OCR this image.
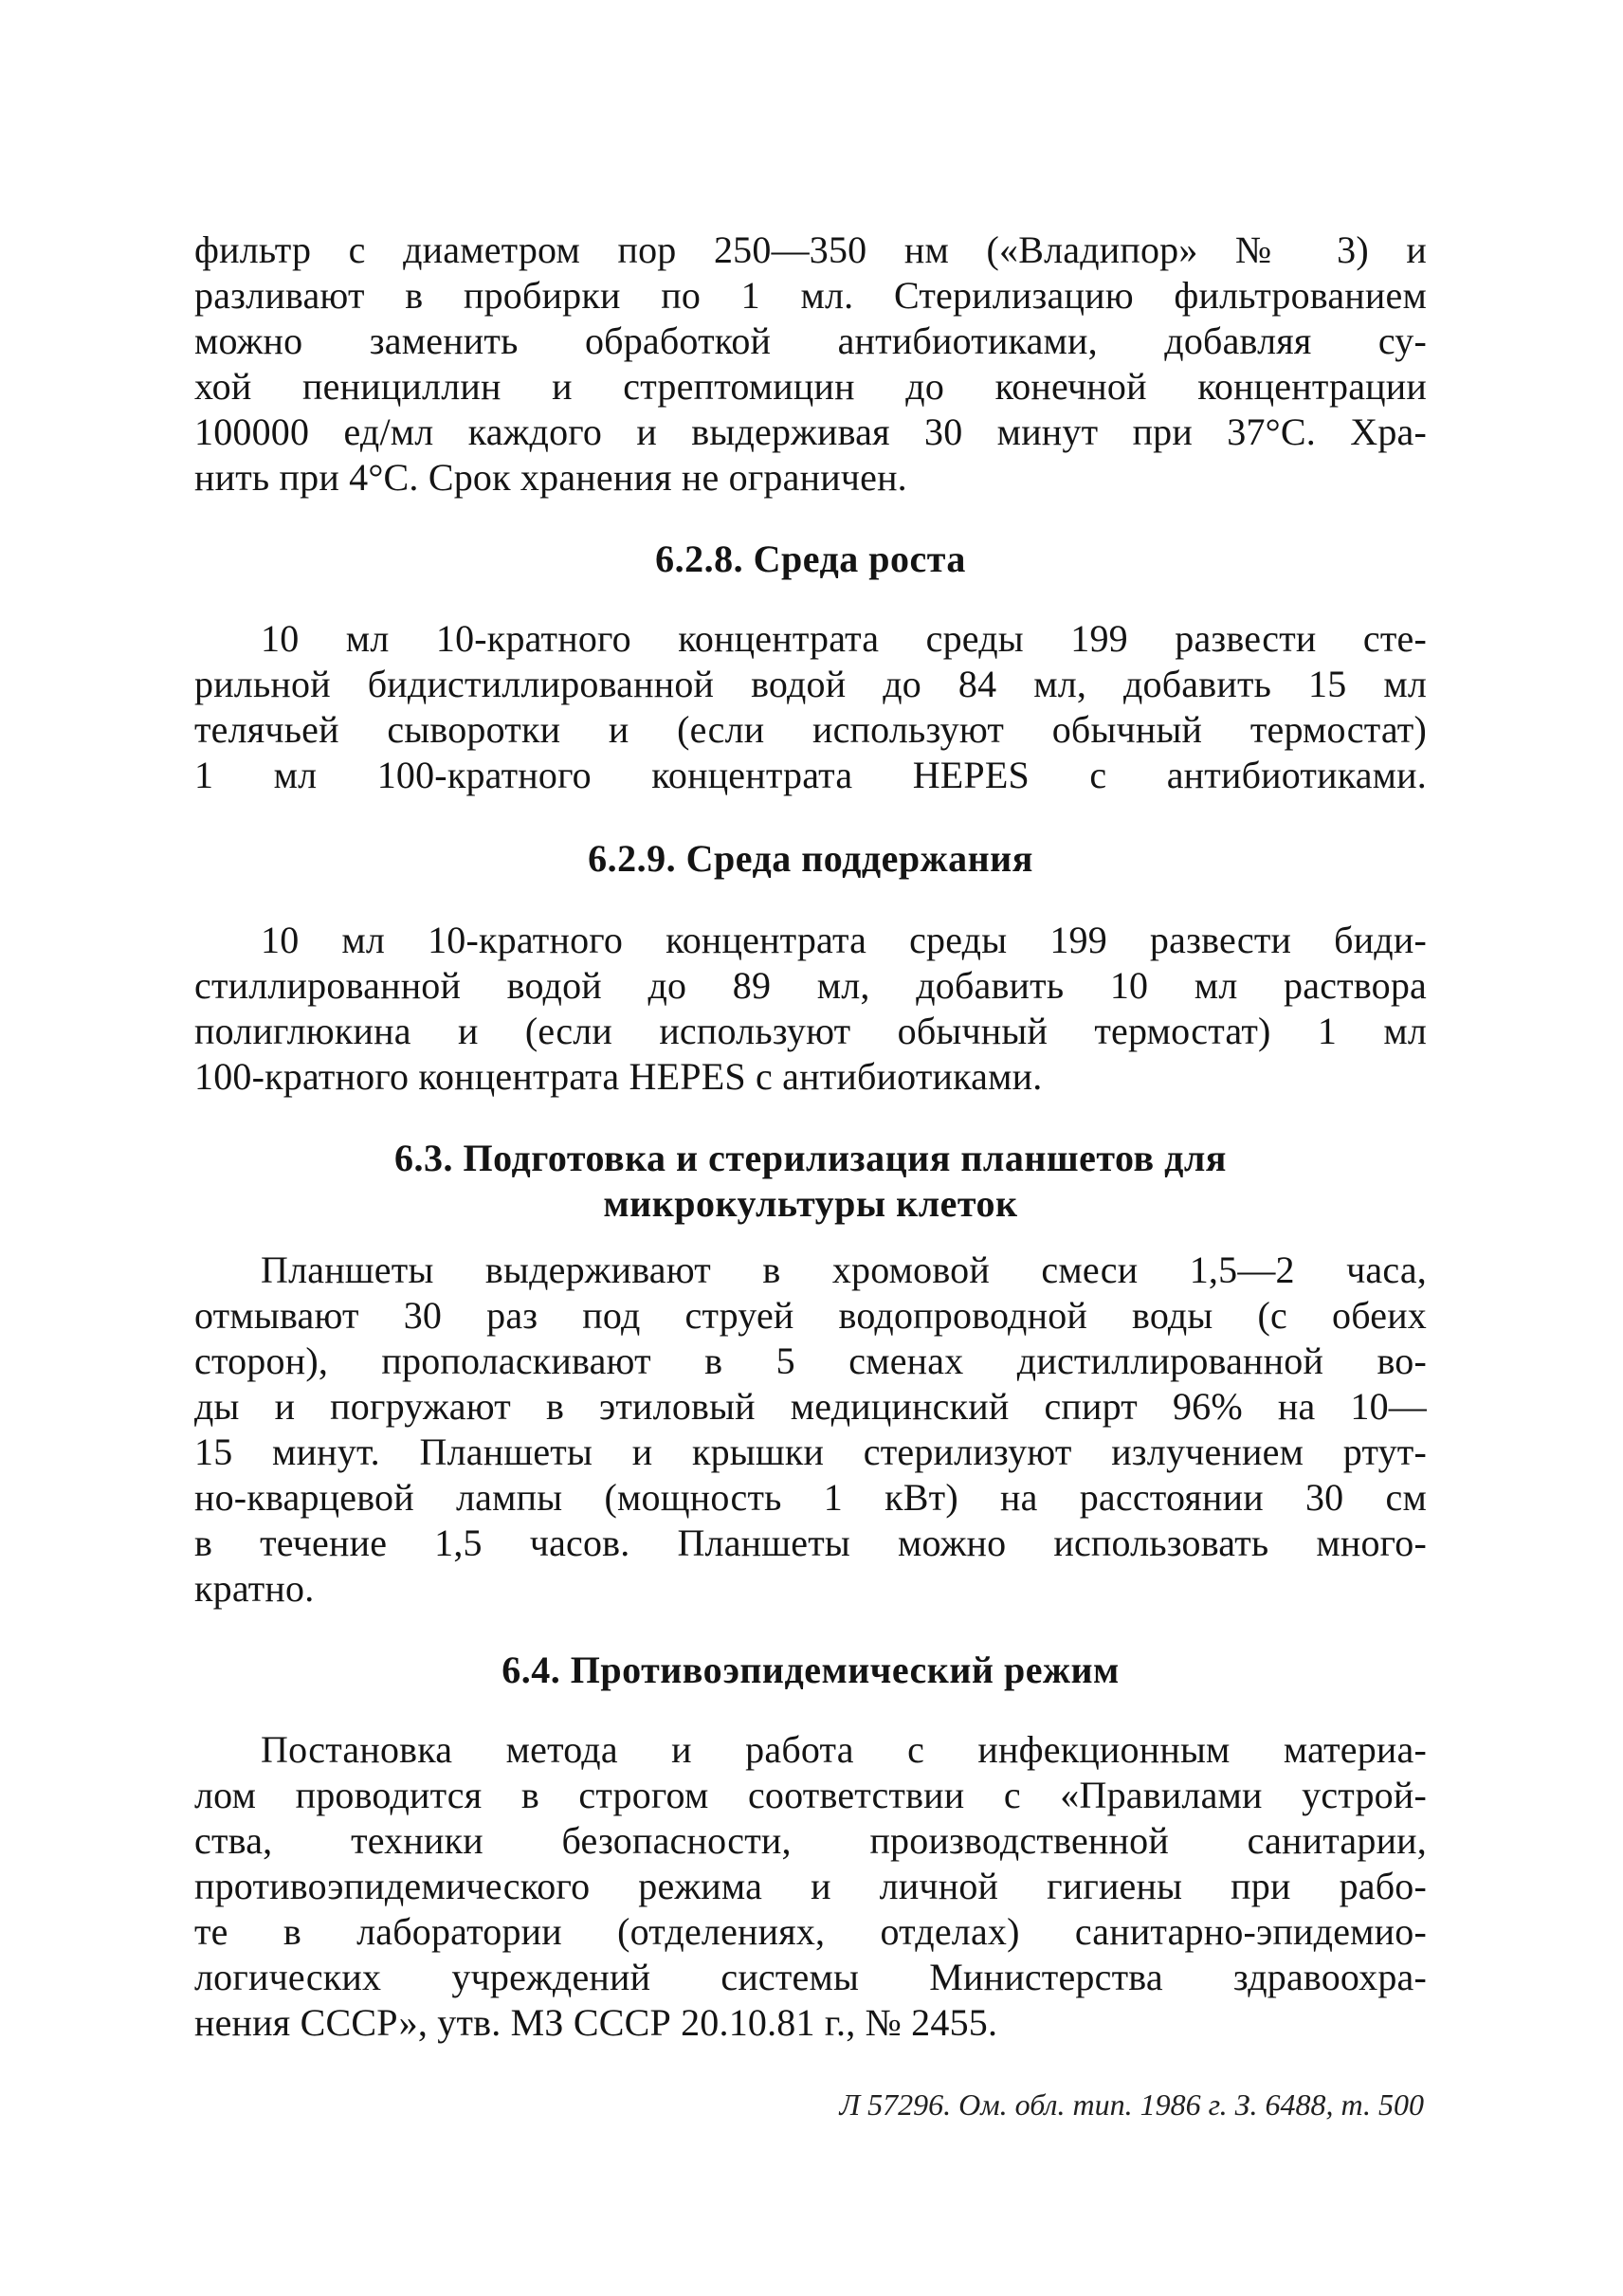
фильтр с диаметром пор 250—350 нм («Владипор» № 3) и
разливают в пробирки по 1 мл. Стерилизацию фильтрованием
можно заменить обработкой антибиотиками, добавляя су-
хой пенициллин и стрептомицин до конечной концентрации
100000 ед/мл каждого и выдерживая 30 минут при 37°С. Хра-
нить при 4°С. Срок хранения не ограничен.
6.2.8. Среда роста
10 мл 10-кратного концентрата среды 199 развести сте-
рильной бидистиллированной водой до 84 мл, добавить 15 мл
телячьей сыворотки и (если используют обычный термостат)
1 мл 100-кратного концентрата HEPES с антибиотиками.
6.2.9. Среда поддержания
10 мл 10-кратного концентрата среды 199 развести биди-
стиллированной водой до 89 мл, добавить 10 мл раствора
полиглюкина и (если используют обычный термостат) 1 мл
100-кратного концентрата HEPES с антибиотиками.
6.3. Подготовка и стерилизация планшетов для
микрокультуры клеток
Планшеты выдерживают в хромовой смеси 1,5—2 часа,
отмывают 30 раз под струей водопроводной воды (с обеих
сторон), прополаскивают в 5 сменах дистиллированной во-
ды и погружают в этиловый медицинский спирт 96% на 10—
15 минут. Планшеты и крышки стерилизуют излучением ртут-
но-кварцевой лампы (мощность 1 кВт) на расстоянии 30 см
в течение 1,5 часов. Планшеты можно использовать много-
кратно.
6.4. Противоэпидемический режим
Постановка метода и работа с инфекционным материа-
лом проводится в строгом соответствии с «Правилами устрой-
ства, техники безопасности, производственной санитарии,
противоэпидемического режима и личной гигиены при рабо-
те в лаборатории (отделениях, отделах) санитарно-эпидемио-
логических учреждений системы Министерства здравоохра-
нения СССР», утв. МЗ СССР 20.10.81 г., № 2455.
Л 57296. Ом. обл. тип. 1986 г. З. 6488, т. 500
